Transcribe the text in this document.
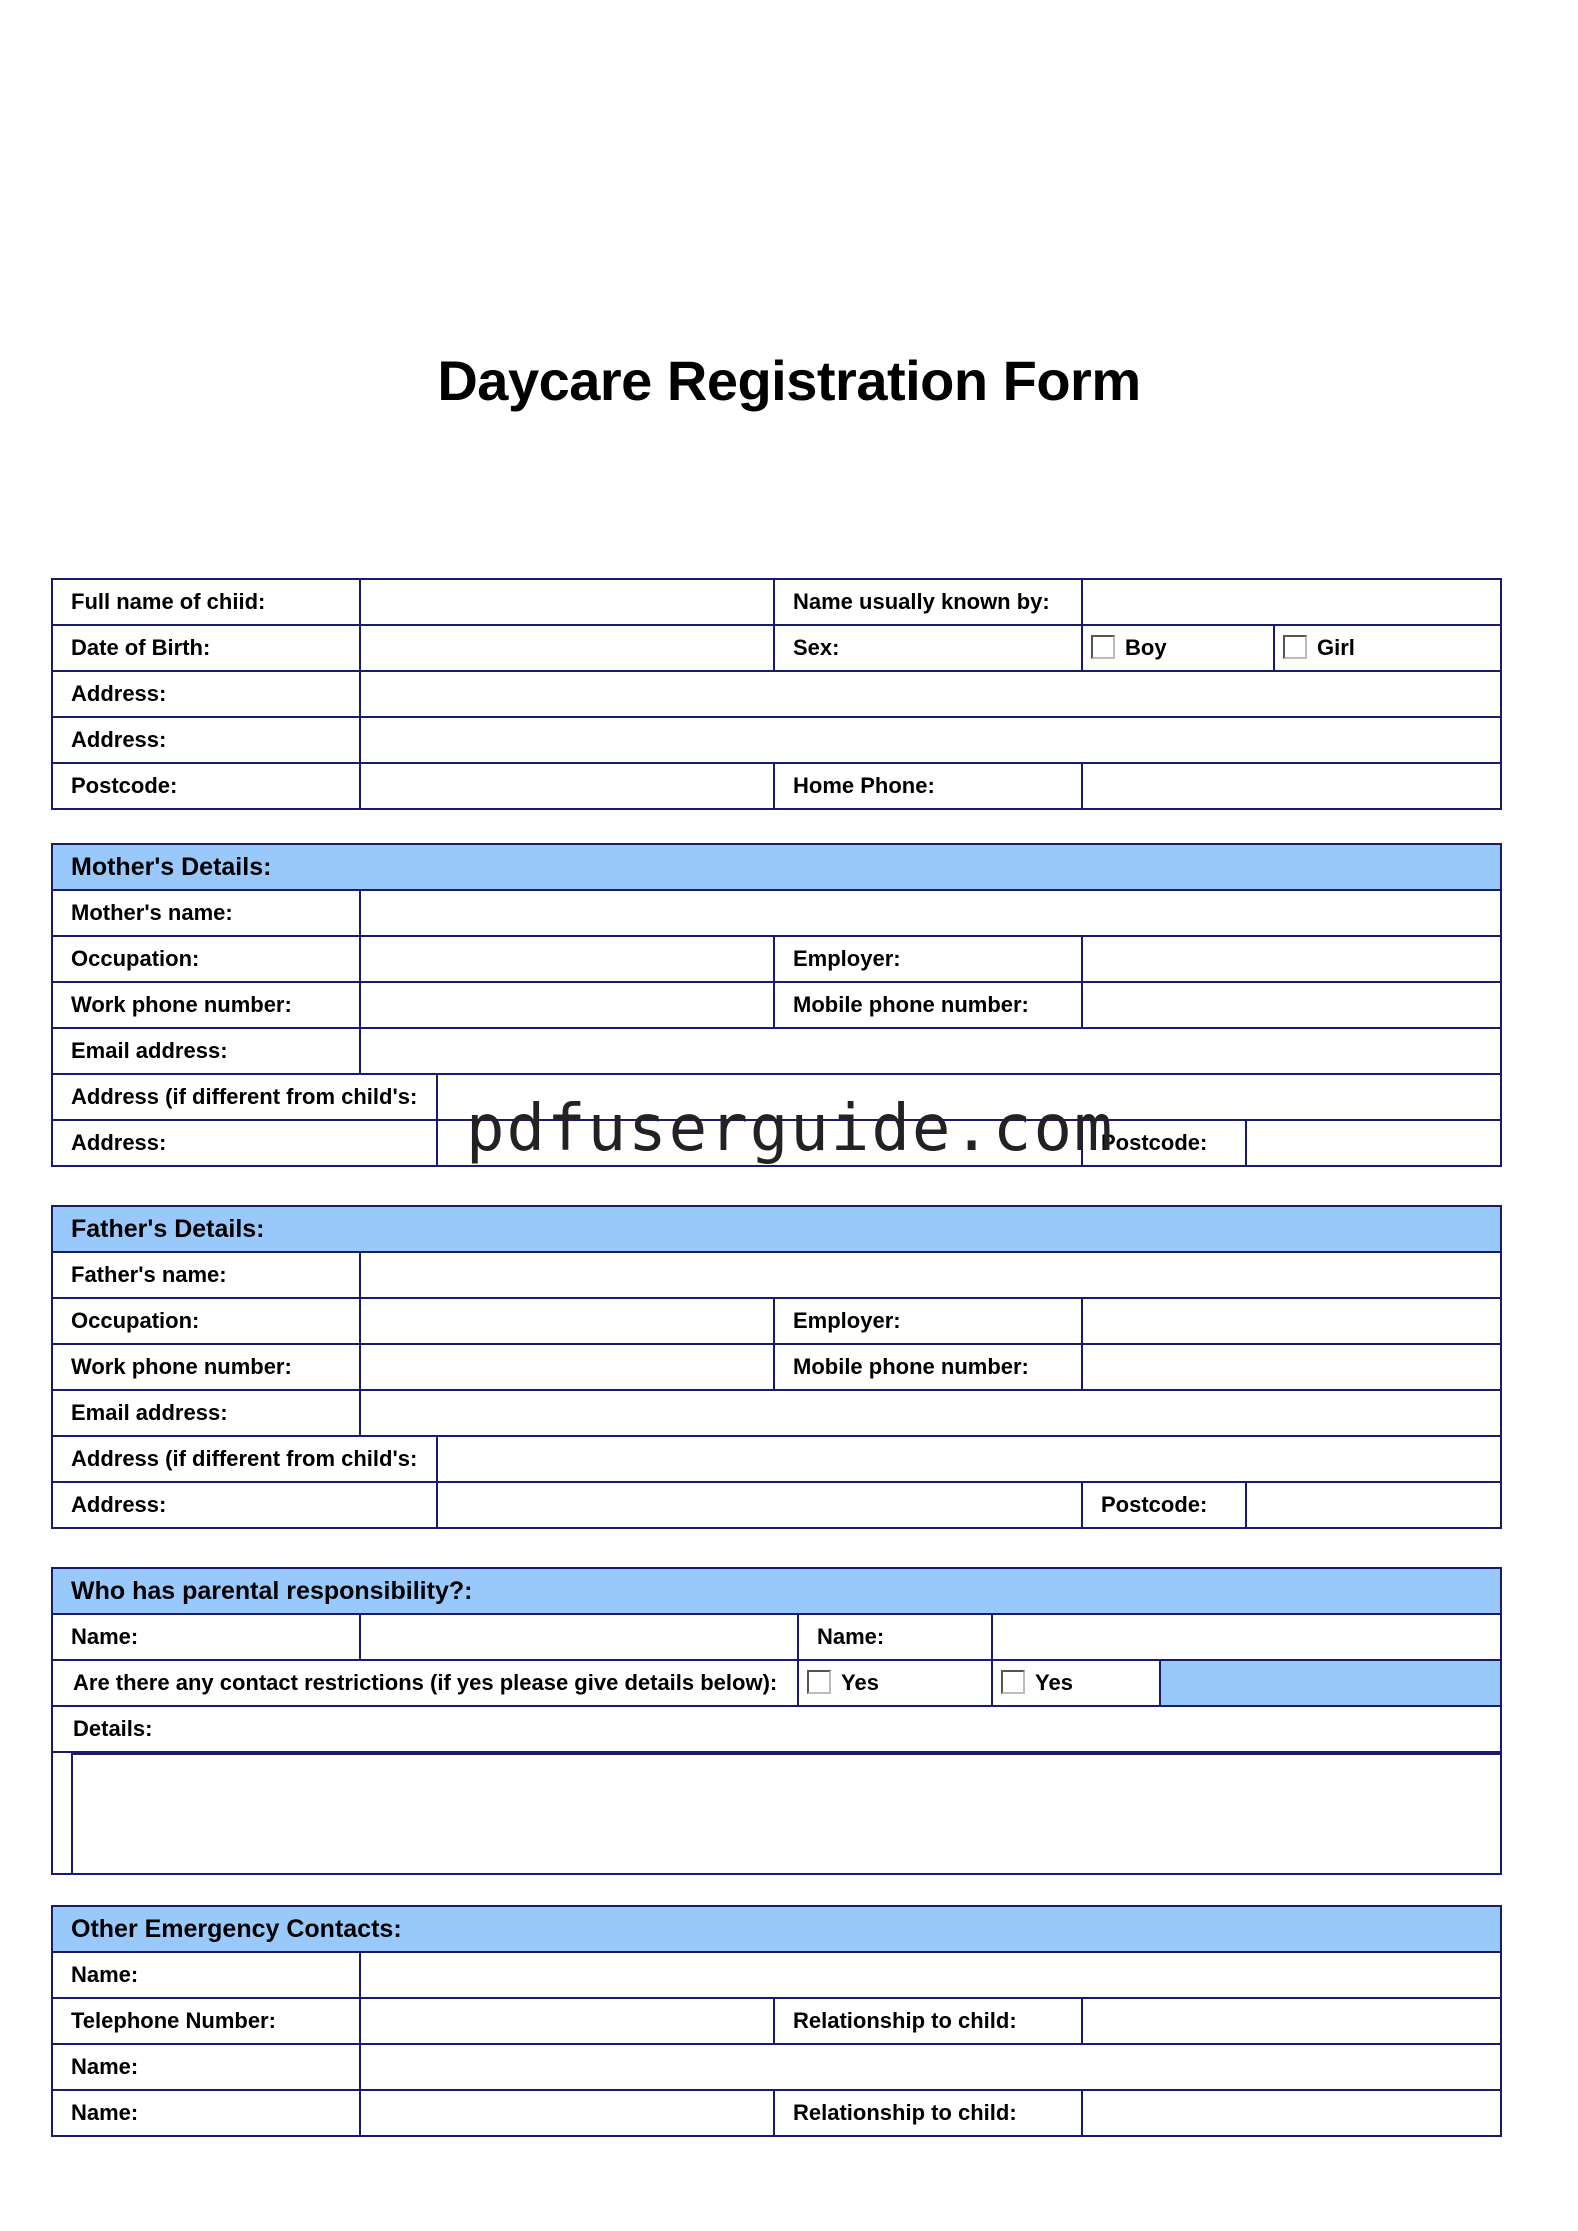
Daycare Registration Form
Full name of chiid:		Name usually known by:		
Date of Birth:		Sex:	Boy	Girl
Address:				
Address:				
Postcode:		Home Phone:		
Mother's Details:					
Mother's name:					
Occupation:			Employer:		
Work phone number:			Mobile phone number:		
Email address:					
Address (if different from child's:					
Address:				Postcode:	
Father's Details:					
Father's name:					
Occupation:			Employer:		
Work phone number:			Mobile phone number:		
Email address:					
Address (if different from child's:					
Address:				Postcode:	
Who has parental responsibility?:				
Name:		Name:		
Are there any contact restrictions (if yes please give details below):		Yes	Yes	
Details:				

Other Emergency Contacts:			
Name:			
Telephone Number:		Relationship to child:	
Name:			
Name:		Relationship to child:	
pdfuserguide.com
